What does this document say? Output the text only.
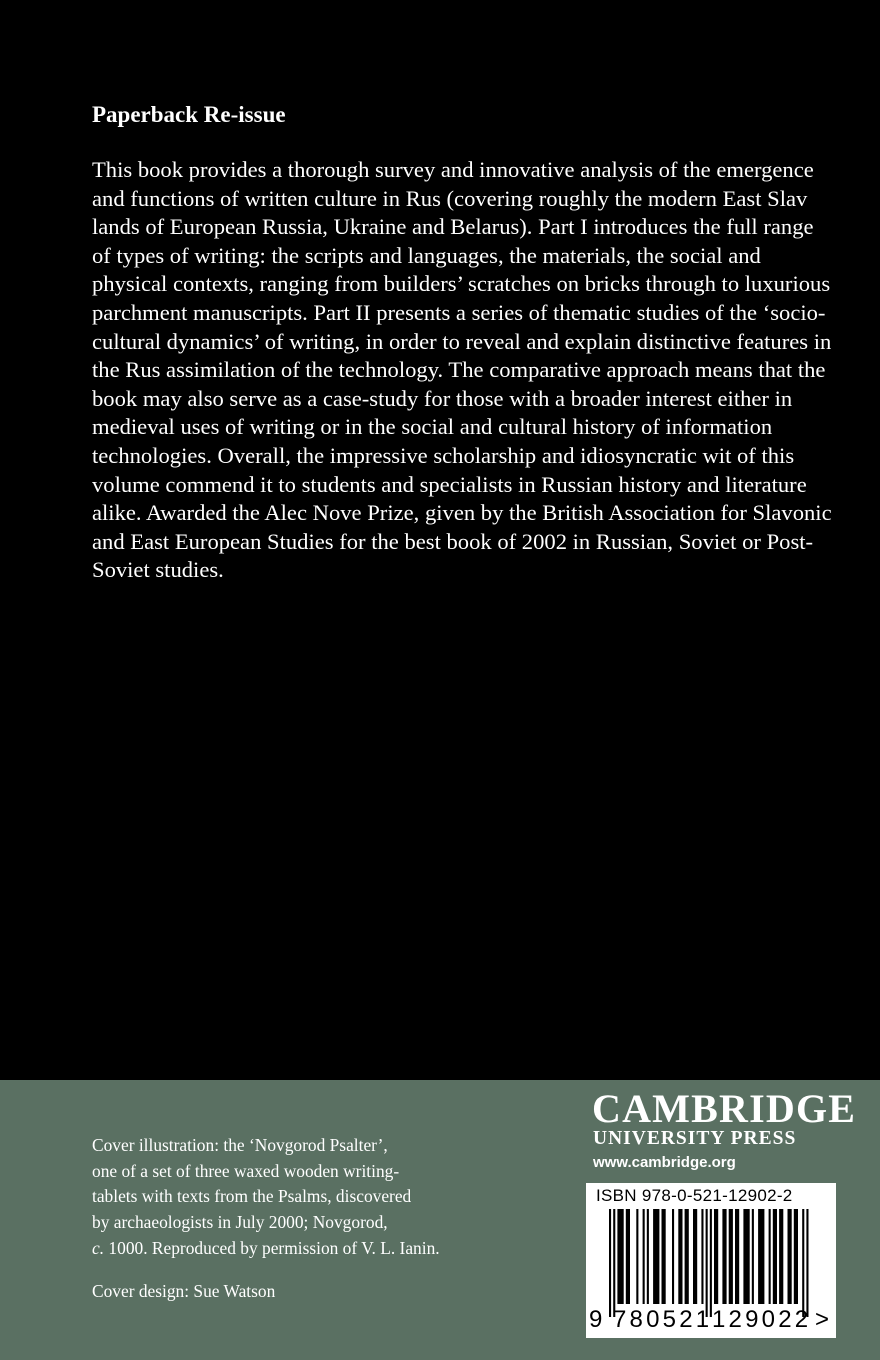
Paperback Re-issue

This book provides a thorough survey and innovative analysis of the emergence and functions of written culture in Rus (covering roughly the modern East Slav lands of European Russia, Ukraine and Belarus). Part I introduces the full range of types of writing: the scripts and languages, the materials, the social and physical contexts, ranging from builders’ scratches on bricks through to luxurious parchment manuscripts. Part II presents a series of thematic studies of the ‘socio-cultural dynamics’ of writing, in order to reveal and explain distinctive features in the Rus assimilation of the technology. The comparative approach means that the book may also serve as a case-study for those with a broader interest either in medieval uses of writing or in the social and cultural history of information technologies. Overall, the impressive scholarship and idiosyncratic wit of this volume commend it to students and specialists in Russian history and literature alike. Awarded the Alec Nove Prize, given by the British Association for Slavonic and East European Studies for the best book of 2002 in Russian, Soviet or Post-Soviet studies.

Cover illustration: the ‘Novgorod Psalter’,
one of a set of three waxed wooden writing-
tablets with texts from the Psalms, discovered
by archaeologists in July 2000; Novgorod,
c. 1000. Reproduced by permission of V. L. Ianin.

Cover design: Sue Watson

CAMBRIDGE
UNIVERSITY PRESS
www.cambridge.org
ISBN 978-0-521-12902-2
9 780521 129022 >
